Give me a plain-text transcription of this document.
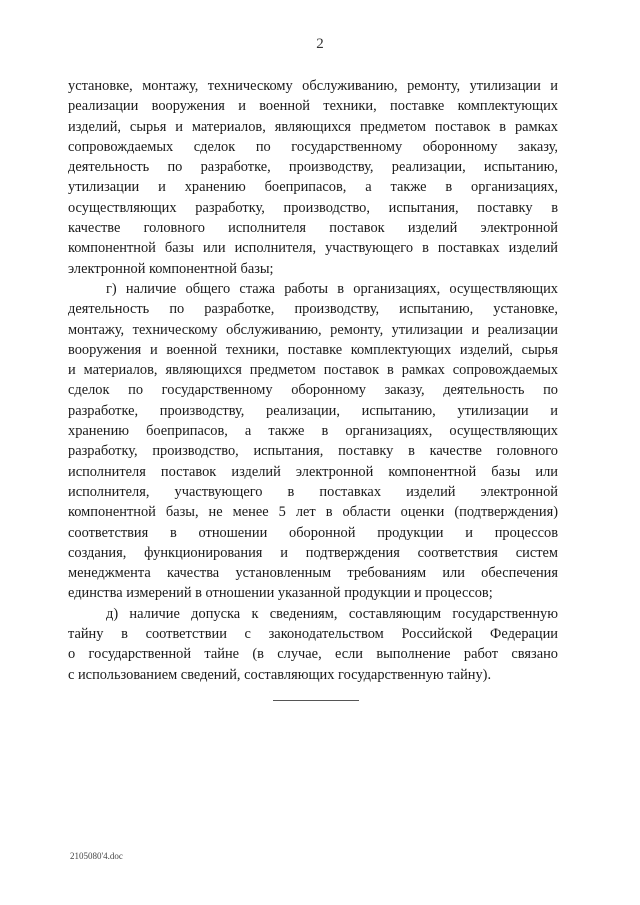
2
установке, монтажу, техническому обслуживанию, ремонту, утилизации и
реализации вооружения и военной техники, поставке комплектующих
изделий, сырья и материалов, являющихся предметом поставок в рамках
сопровождаемых сделок по государственному оборонному заказу,
деятельность по разработке, производству, реализации, испытанию,
утилизации и хранению боеприпасов, а также в организациях,
осуществляющих разработку, производство, испытания, поставку в
качестве головного исполнителя поставок изделий электронной
компонентной базы или исполнителя, участвующего в поставках изделий
электронной компонентной базы;
г) наличие общего стажа работы в организациях, осуществляющих
деятельность по разработке, производству, испытанию, установке,
монтажу, техническому обслуживанию, ремонту, утилизации и реализации
вооружения и военной техники, поставке комплектующих изделий, сырья
и материалов, являющихся предметом поставок в рамках сопровождаемых
сделок по государственному оборонному заказу, деятельность по
разработке, производству, реализации, испытанию, утилизации и
хранению боеприпасов, а также в организациях, осуществляющих
разработку, производство, испытания, поставку в качестве головного
исполнителя поставок изделий электронной компонентной базы или
исполнителя, участвующего в поставках изделий электронной
компонентной базы, не менее 5 лет в области оценки (подтверждения)
соответствия в отношении оборонной продукции и процессов
создания, функционирования и подтверждения соответствия систем
менеджмента качества установленным требованиям или обеспечения
единства измерений в отношении указанной продукции и процессов;
д) наличие допуска к сведениям, составляющим государственную
тайну в соответствии с законодательством Российской Федерации
о государственной тайне (в случае, если выполнение работ связано
с использованием сведений, составляющих государственную тайну).
2105080'4.doc
